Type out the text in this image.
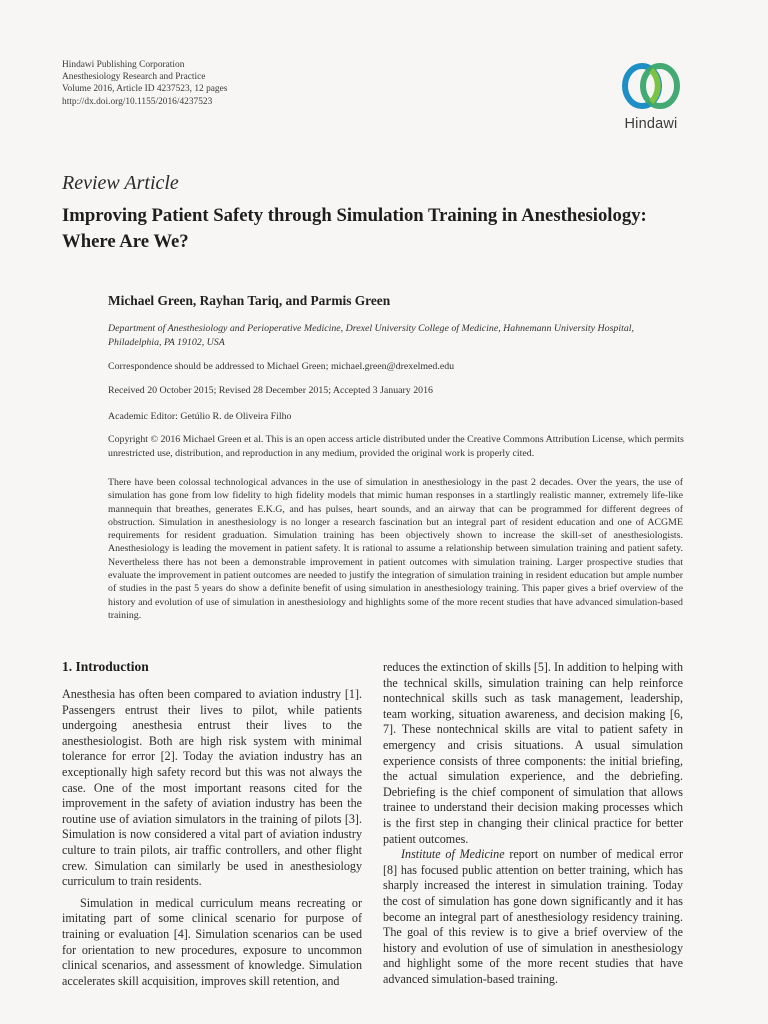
Hindawi Publishing Corporation
Anesthesiology Research and Practice
Volume 2016, Article ID 4237523, 12 pages
http://dx.doi.org/10.1155/2016/4237523
Hindawi
Review Article
Improving Patient Safety through Simulation Training in Anesthesiology: Where Are We?
Michael Green, Rayhan Tariq, and Parmis Green
Department of Anesthesiology and Perioperative Medicine, Drexel University College of Medicine, Hahnemann University Hospital, Philadelphia, PA 19102, USA
Correspondence should be addressed to Michael Green; michael.green@drexelmed.edu
Received 20 October 2015; Revised 28 December 2015; Accepted 3 January 2016
Academic Editor: Getúlio R. de Oliveira Filho
Copyright © 2016 Michael Green et al. This is an open access article distributed under the Creative Commons Attribution License, which permits unrestricted use, distribution, and reproduction in any medium, provided the original work is properly cited.
There have been colossal technological advances in the use of simulation in anesthesiology in the past 2 decades. Over the years, the use of simulation has gone from low fidelity to high fidelity models that mimic human responses in a startlingly realistic manner, extremely life-like mannequin that breathes, generates E.K.G, and has pulses, heart sounds, and an airway that can be programmed for different degrees of obstruction. Simulation in anesthesiology is no longer a research fascination but an integral part of resident education and one of ACGME requirements for resident graduation. Simulation training has been objectively shown to increase the skill-set of anesthesiologists. Anesthesiology is leading the movement in patient safety. It is rational to assume a relationship between simulation training and patient safety. Nevertheless there has not been a demonstrable improvement in patient outcomes with simulation training. Larger prospective studies that evaluate the improvement in patient outcomes are needed to justify the integration of simulation training in resident education but ample number of studies in the past 5 years do show a definite benefit of using simulation in anesthesiology training. This paper gives a brief overview of the history and evolution of use of simulation in anesthesiology and highlights some of the more recent studies that have advanced simulation-based training.
1. Introduction

Anesthesia has often been compared to aviation industry [1]. Passengers entrust their lives to pilot, while patients undergoing anesthesia entrust their lives to the anesthesiologist. Both are high risk system with minimal tolerance for error [2]. Today the aviation industry has an exceptionally high safety record but this was not always the case. One of the most important reasons cited for the improvement in the safety of aviation industry has been the routine use of aviation simulators in the training of pilots [3]. Simulation is now considered a vital part of aviation industry culture to train pilots, air traffic controllers, and other flight crew. Simulation can similarly be used in anesthesiology curriculum to train residents.

Simulation in medical curriculum means recreating or imitating part of some clinical scenario for purpose of training or evaluation [4]. Simulation scenarios can be used for orientation to new procedures, exposure to uncommon clinical scenarios, and assessment of knowledge. Simulation accelerates skill acquisition, improves skill retention, and

reduces the extinction of skills [5]. In addition to helping with the technical skills, simulation training can help reinforce nontechnical skills such as task management, leadership, team working, situation awareness, and decision making [6, 7]. These nontechnical skills are vital to patient safety in emergency and crisis situations. A usual simulation experience consists of three components: the initial briefing, the actual simulation experience, and the debriefing. Debriefing is the chief component of simulation that allows trainee to understand their decision making processes which is the first step in changing their clinical practice for better patient outcomes.

Institute of Medicine report on number of medical error [8] has focused public attention on better training, which has sharply increased the interest in simulation training. Today the cost of simulation has gone down significantly and it has become an integral part of anesthesiology residency training. The goal of this review is to give a brief overview of the history and evolution of use of simulation in anesthesiology and highlight some of the more recent studies that have advanced simulation-based training.
